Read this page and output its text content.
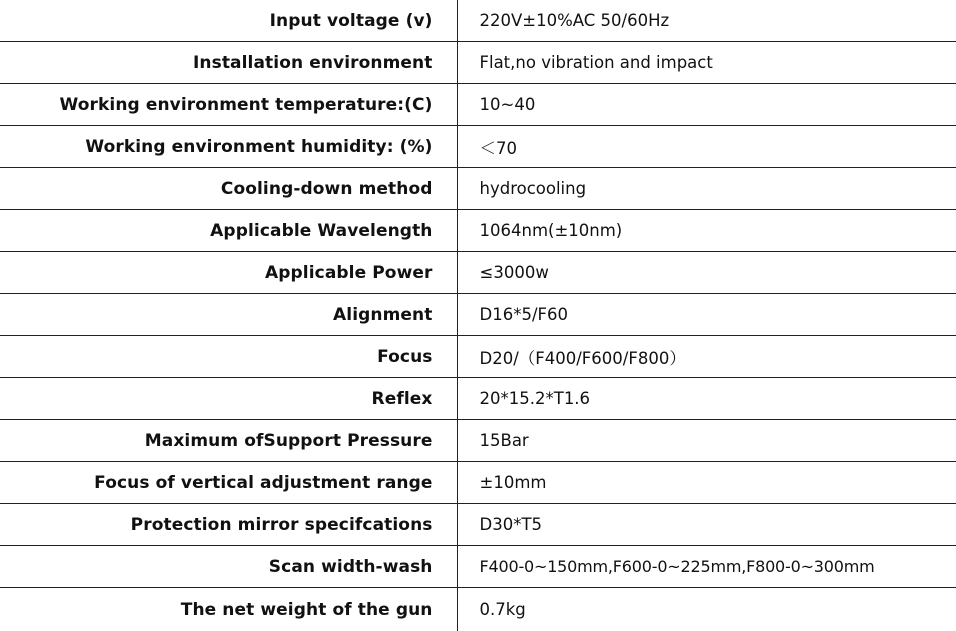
Input voltage (v)	220V±10%AC 50/60Hz
Installation environment	Flat,no vibration and impact
Working environment temperature:(C)	10~40
Working environment humidity: (%)	＜70
Cooling-down method	hydrocooling
Applicable Wavelength	1064nm(±10nm)
Applicable Power	≤3000w
Alignment	D16*5/F60
Focus	D20/（F400/F600/F800）
Reflex	20*15.2*T1.6
Maximum ofSupport Pressure	15Bar
Focus of vertical adjustment range	±10mm
Protection mirror specifcations	D30*T5
Scan width-wash	F400-0~150mm,F600-0~225mm,F800-0~300mm
The net weight of the gun	0.7kg
